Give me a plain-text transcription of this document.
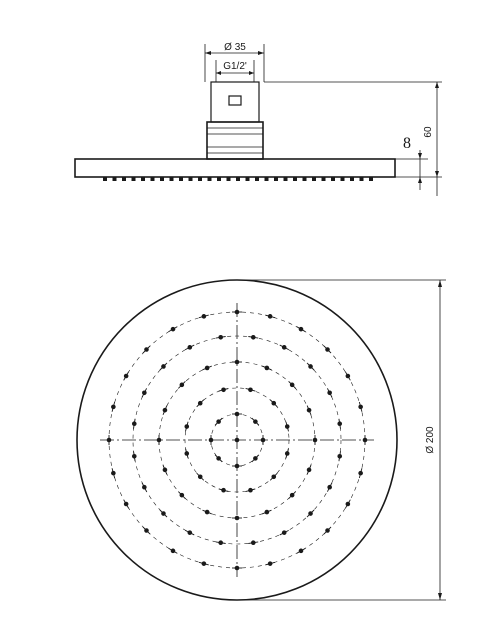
Ø 35
G1/2'
60
8
Ø 200
